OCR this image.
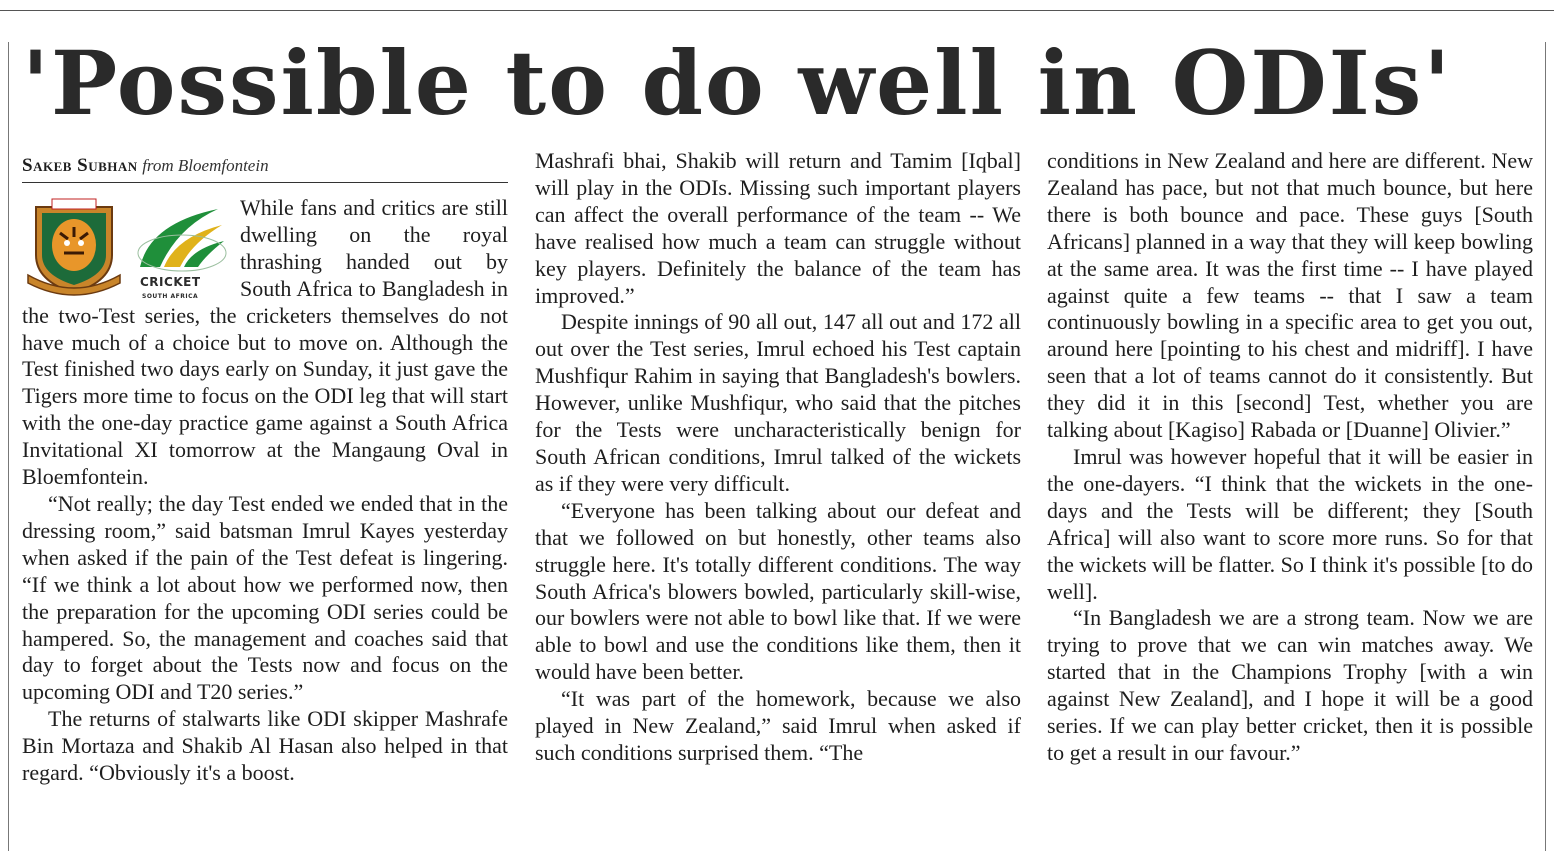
'Possible to do well in ODIs'
Sakeb Subhan from Bloemfontein
CRICKET
SOUTH AFRICA

While fans and critics are still dwelling on the royal thrashing handed out by South Africa to Bangladesh in the two-Test series, the cricketers themselves do not have much of a choice but to move on. Although the Test finished two days early on Sunday, it just gave the Tigers more time to focus on the ODI leg that will start with the one-day practice game against a South Africa Invitational XI tomorrow at the Mangaung Oval in Bloemfontein.

“Not really; the day Test ended we ended that in the dressing room,” said batsman Imrul Kayes yesterday when asked if the pain of the Test defeat is lingering. “If we think a lot about how we performed now, then the preparation for the upcoming ODI series could be hampered. So, the management and coaches said that day to forget about the Tests now and focus on the upcoming ODI and T20 series.”

The returns of stalwarts like ODI skipper Mashrafe Bin Mortaza and Shakib Al Hasan also helped in that regard. “Obviously it's a boost.

Mashrafi bhai, Shakib will return and Tamim [Iqbal] will play in the ODIs. Missing such important players can affect the overall performance of the team -- We have realised how much a team can struggle without key players. Definitely the balance of the team has improved.”

Despite innings of 90 all out, 147 all out and 172 all out over the Test series, Imrul echoed his Test captain Mushfiqur Rahim in saying that Bangladesh's bowlers. However, unlike Mushfiqur, who said that the pitches for the Tests were uncharacteristically benign for South African conditions, Imrul talked of the wickets as if they were very difficult.

“Everyone has been talking about our defeat and that we followed on but honestly, other teams also struggle here. It's totally different conditions. The way South Africa's blowers bowled, particularly skill-wise, our bowlers were not able to bowl like that. If we were able to bowl and use the conditions like them, then it would have been better.

“It was part of the homework, because we also played in New Zealand,” said Imrul when asked if such conditions surprised them. “The

conditions in New Zealand and here are different. New Zealand has pace, but not that much bounce, but here there is both bounce and pace. These guys [South Africans] planned in a way that they will keep bowling at the same area. It was the first time -- I have played against quite a few teams -- that I saw a team continuously bowling in a specific area to get you out, around here [pointing to his chest and midriff]. I have seen that a lot of teams cannot do it consistently. But they did it in this [second] Test, whether you are talking about [Kagiso] Rabada or [Duanne] Olivier.”

Imrul was however hopeful that it will be easier in the one-dayers. “I think that the wickets in the one-days and the Tests will be different; they [South Africa] will also want to score more runs. So for that the wickets will be flatter. So I think it's possible [to do well].

“In Bangladesh we are a strong team. Now we are trying to prove that we can win matches away. We started that in the Champions Trophy [with a win against New Zealand], and I hope it will be a good series. If we can play better cricket, then it is possible to get a result in our favour.”
